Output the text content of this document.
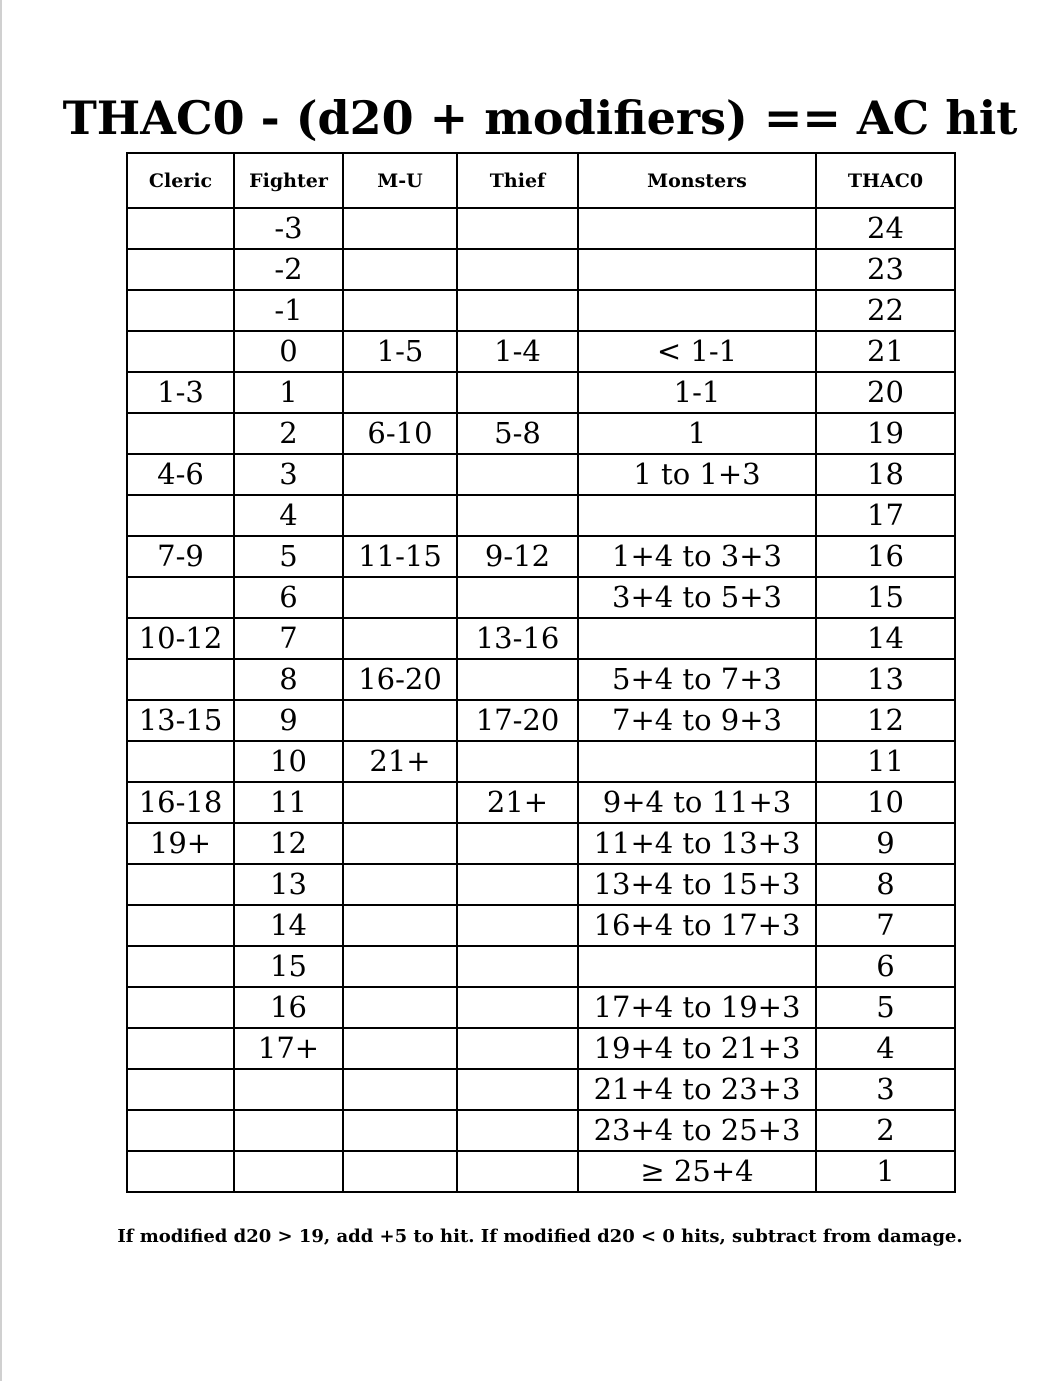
THAC0 - (d20 + modifiers) == AC hit
Cleric	Fighter	M-U	Thief	Monsters	THAC0
	-3				24
	-2				23
	-1				22
	0	1-5	1-4	< 1-1	21
1-3	1			1-1	20
	2	6-10	5-8	1	19
4-6	3			1 to 1+3	18
	4				17
7-9	5	11-15	9-12	1+4 to 3+3	16
	6			3+4 to 5+3	15
10-12	7		13-16		14
	8	16-20		5+4 to 7+3	13
13-15	9		17-20	7+4 to 9+3	12
	10	21+			11
16-18	11		21+	9+4 to 11+3	10
19+	12			11+4 to 13+3	9
	13			13+4 to 15+3	8
	14			16+4 to 17+3	7
	15				6
	16			17+4 to 19+3	5
	17+			19+4 to 21+3	4
				21+4 to 23+3	3
				23+4 to 25+3	2
				≥ 25+4	1
If modified d20 > 19, add +5 to hit. If modified d20 < 0 hits, subtract from damage.
